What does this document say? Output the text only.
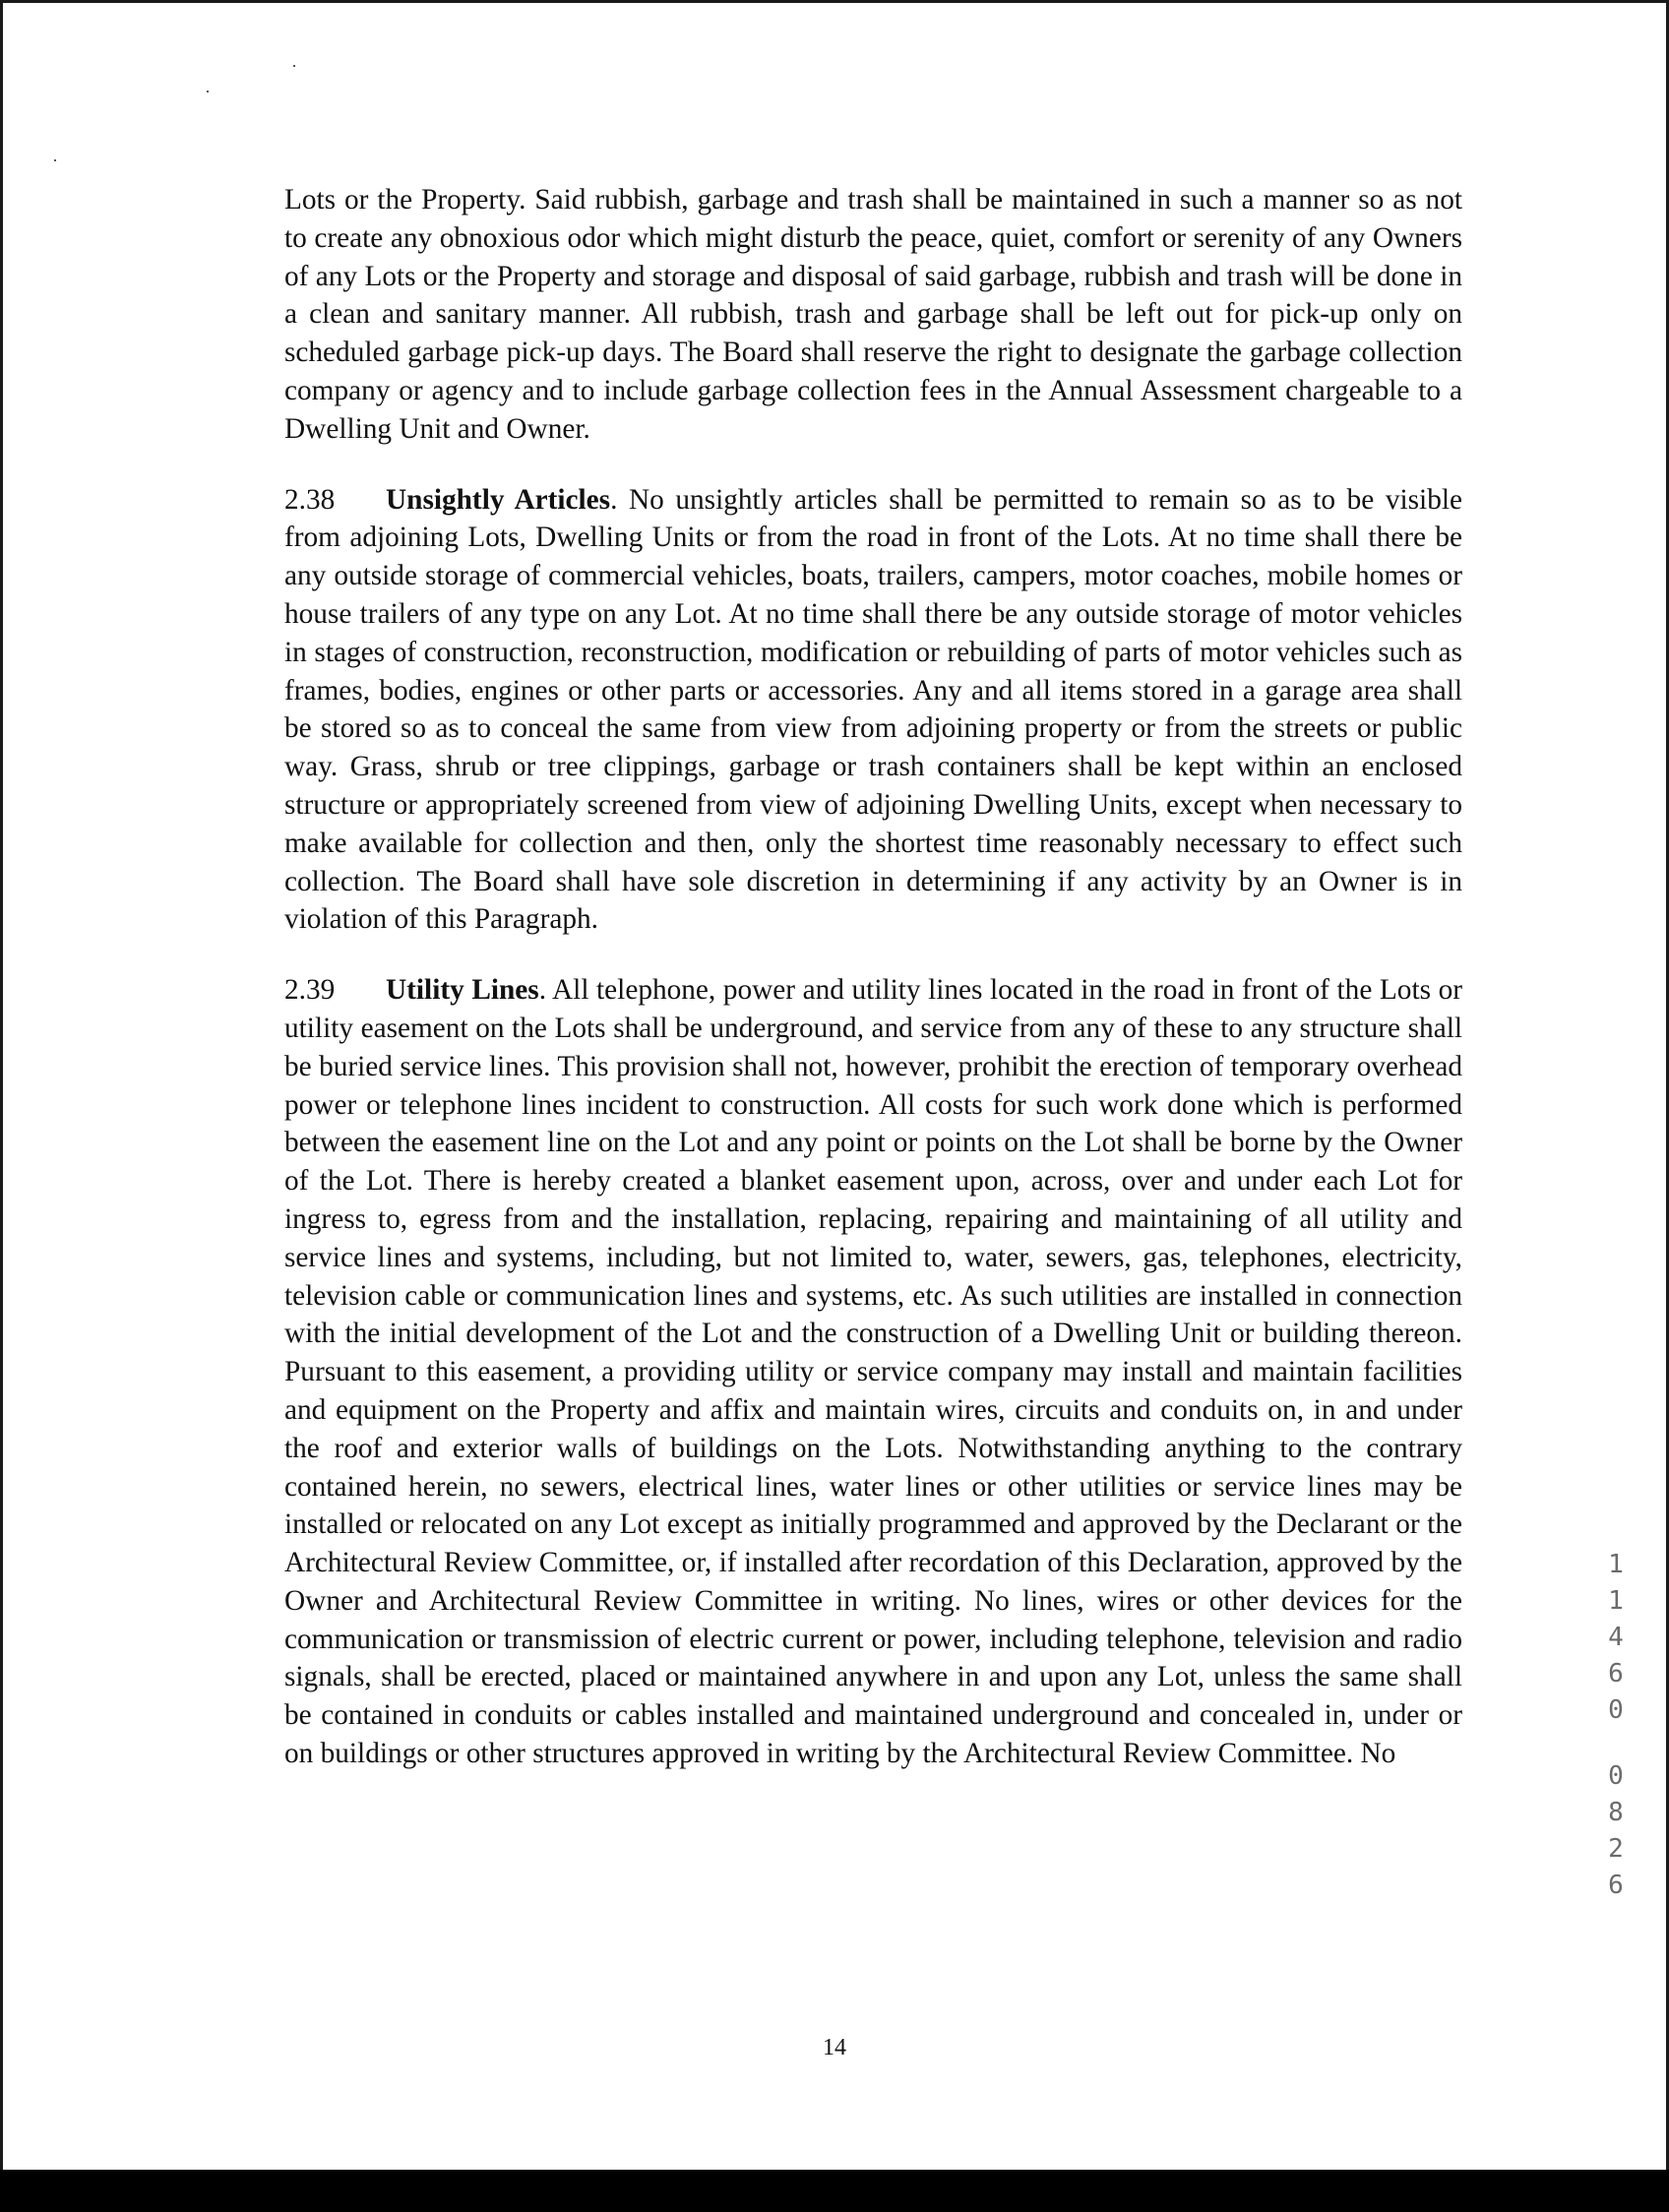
Lots or the Property. Said rubbish, garbage and trash shall be maintained in such a manner so as not to create any obnoxious odor which might disturb the peace, quiet, comfort or serenity of any Owners of any Lots or the Property and storage and disposal of said garbage, rubbish and trash will be done in a clean and sanitary manner. All rubbish, trash and garbage shall be left out for pick-up only on scheduled garbage pick-up days. The Board shall reserve the right to designate the garbage collection company or agency and to include garbage collection fees in the Annual Assessment chargeable to a Dwelling Unit and Owner.

2.38 Unsightly Articles. No unsightly articles shall be permitted to remain so as to be visible from adjoining Lots, Dwelling Units or from the road in front of the Lots. At no time shall there be any outside storage of commercial vehicles, boats, trailers, campers, motor coaches, mobile homes or house trailers of any type on any Lot. At no time shall there be any outside storage of motor vehicles in stages of construction, reconstruction, modification or rebuilding of parts of motor vehicles such as frames, bodies, engines or other parts or accessories. Any and all items stored in a garage area shall be stored so as to conceal the same from view from adjoining property or from the streets or public way. Grass, shrub or tree clippings, garbage or trash containers shall be kept within an enclosed structure or appropriately screened from view of adjoining Dwelling Units, except when necessary to make available for collection and then, only the shortest time reasonably necessary to effect such collection. The Board shall have sole discretion in determining if any activity by an Owner is in violation of this Paragraph.

2.39 Utility Lines. All telephone, power and utility lines located in the road in front of the Lots or utility easement on the Lots shall be underground, and service from any of these to any structure shall be buried service lines. This provision shall not, however, prohibit the erection of temporary overhead power or telephone lines incident to construction. All costs for such work done which is performed between the easement line on the Lot and any point or points on the Lot shall be borne by the Owner of the Lot. There is hereby created a blanket easement upon, across, over and under each Lot for ingress to, egress from and the installation, replacing, repairing and maintaining of all utility and service lines and systems, including, but not limited to, water, sewers, gas, telephones, electricity, television cable or communication lines and systems, etc. As such utilities are installed in connection with the initial development of the Lot and the construction of a Dwelling Unit or building thereon. Pursuant to this easement, a providing utility or service company may install and maintain facilities and equipment on the Property and affix and maintain wires, circuits and conduits on, in and under the roof and exterior walls of buildings on the Lots. Notwithstanding anything to the contrary contained herein, no sewers, electrical lines, water lines or other utilities or service lines may be installed or relocated on any Lot except as initially programmed and approved by the Declarant or the Architectural Review Committee, or, if installed after recordation of this Declaration, approved by the Owner and Architectural Review Committee in writing. No lines, wires or other devices for the communication or transmission of electric current or power, including telephone, television and radio signals, shall be erected, placed or maintained anywhere in and upon any Lot, unless the same shall be contained in conduits or cables installed and maintained underground and concealed in, under or on buildings or other structures approved in writing by the Architectural Review Committee. No

14
1
1
4
6
0
0
8
2
6
